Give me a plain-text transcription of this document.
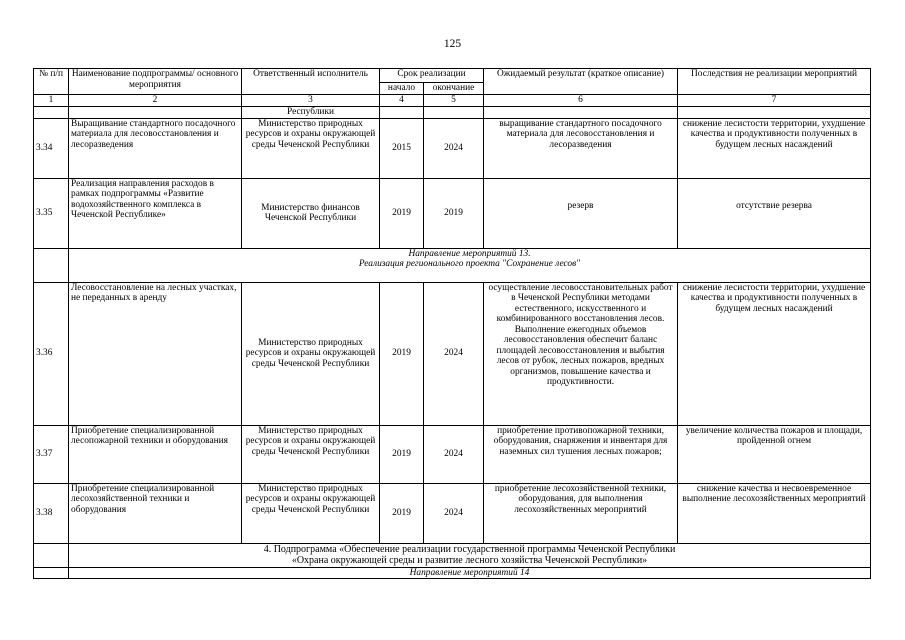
125
№ п/п	Наименование подпрограммы/ основного мероприятия	Ответственный исполнитель	Срок реализации		Ожидаемый результат (краткое описание)	Последствия не реализации мероприятий
			начало	окончание		
1	2	3	4	5	6	7
		Республики				
3.34	Выращивание стандартного посадочного материала для лесовосстановления и лесоразведения	Министерство природных ресурсов и охраны окружающей среды Чеченской Республики	2015	2024	выращивание стандартного посадочного материала для лесовосстановления и лесоразведения	снижение лесистости территории, ухудшение качества и продуктивности полученных в будущем лесных насаждений
3.35	Реализация направления расходов в рамках подпрограммы «Развитие водохозяйственного комплекса в Чеченской Республике»	Министерство финансов Чеченской Республики	2019	2019	резерв	отсутствие резерва

	Направление мероприятий 13.
Реализация регионального проекта "Сохранение лесов"					

3.36	Лесовосстановление на лесных участках, не переданных в аренду	Министерство природных ресурсов и охраны окружающей среды Чеченской Республики	2019	2024	осуществление лесовосстановительных работ в Чеченской Республики методами естественного, искусственного и комбинированного восстановления лесов. Выполнение ежегодных объемов лесовосстановления обеспечит баланс площадей лесовосстановления и выбытия лесов от рубок, лесных пожаров, вредных организмов, повышение качества и продуктивности.	снижение лесистости территории, ухудшение качества и продуктивности полученных в будущем лесных насаждений
3.37	Приобретение специализированной лесопожарной техники и оборудования	Министерство природных ресурсов и охраны окружающей среды Чеченской Республики	2019	2024	приобретение противопожарной техники, оборудования, снаряжения и инвентаря для наземных сил тушения лесных пожаров;	увеличение количества пожаров и площади, пройденной огнем
3.38	Приобретение специализированной лесохозяйственной техники и оборудования	Министерство природных ресурсов и охраны окружающей среды Чеченской Республики	2019	2024	приобретение лесохозяйственной техники, оборудования, для выполнения лесохозяйственных мероприятий	снижение качества и несвоевременное выполнение лесохозяйственных мероприятий

	4. Подпрограмма «Обеспечение реализации государственной программы Чеченской Республики
«Охрана окружающей среды и развитие лесного хозяйства Чеченской Республики»					

	Направление мероприятий 14					
